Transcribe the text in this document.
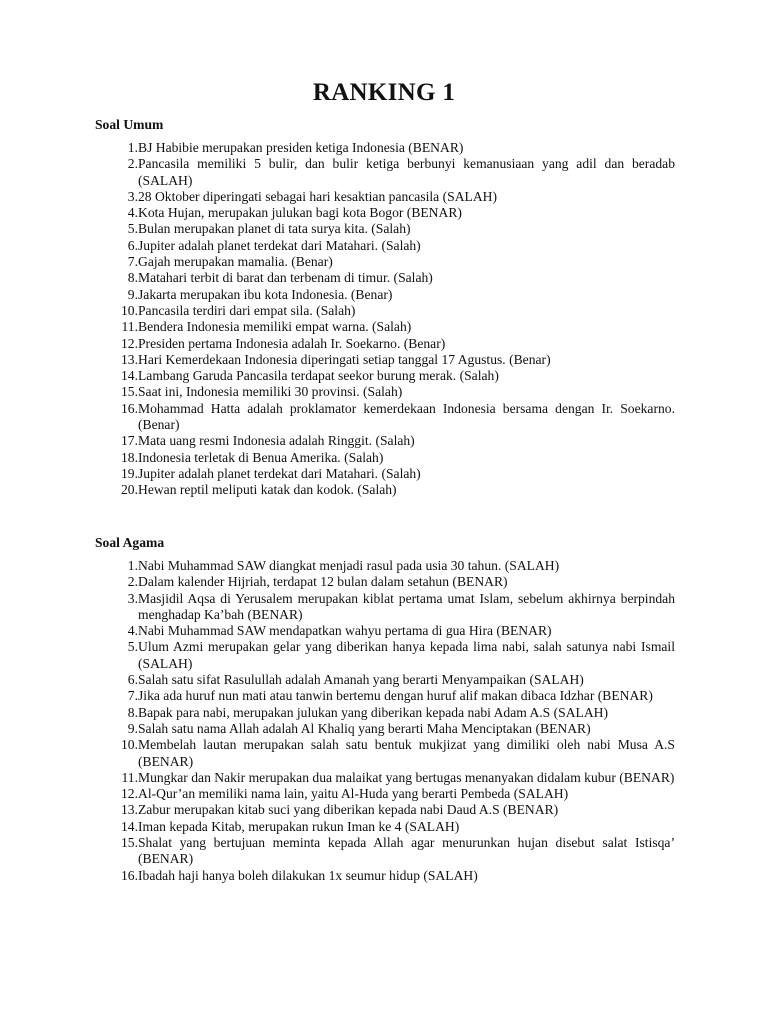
RANKING 1
Soal Umum
1. BJ Habibie merupakan presiden ketiga Indonesia (BENAR)
2. Pancasila memiliki 5 bulir, dan bulir ketiga berbunyi kemanusiaan yang adil dan beradab (SALAH)
3. 28 Oktober diperingati sebagai hari kesaktian pancasila (SALAH)
4. Kota Hujan, merupakan julukan bagi kota Bogor (BENAR)
5. Bulan merupakan planet di tata surya kita. (Salah)
6. Jupiter adalah planet terdekat dari Matahari. (Salah)
7. Gajah merupakan mamalia. (Benar)
8. Matahari terbit di barat dan terbenam di timur. (Salah)
9. Jakarta merupakan ibu kota Indonesia. (Benar)
10. Pancasila terdiri dari empat sila. (Salah)
11. Bendera Indonesia memiliki empat warna. (Salah)
12. Presiden pertama Indonesia adalah Ir. Soekarno. (Benar)
13. Hari Kemerdekaan Indonesia diperingati setiap tanggal 17 Agustus. (Benar)
14. Lambang Garuda Pancasila terdapat seekor burung merak. (Salah)
15. Saat ini, Indonesia memiliki 30 provinsi. (Salah)
16. Mohammad Hatta adalah proklamator kemerdekaan Indonesia bersama dengan Ir. Soekarno. (Benar)
17. Mata uang resmi Indonesia adalah Ringgit. (Salah)
18. Indonesia terletak di Benua Amerika. (Salah)
19. Jupiter adalah planet terdekat dari Matahari. (Salah)
20. Hewan reptil meliputi katak dan kodok. (Salah)
Soal Agama
1. Nabi Muhammad SAW diangkat menjadi rasul pada usia 30 tahun. (SALAH)
2. Dalam kalender Hijriah, terdapat 12 bulan dalam setahun (BENAR)
3. Masjidil Aqsa di Yerusalem merupakan kiblat pertama umat Islam, sebelum akhirnya berpindah menghadap Ka’bah (BENAR)
4. Nabi Muhammad SAW mendapatkan wahyu pertama di gua Hira (BENAR)
5. Ulum Azmi merupakan gelar yang diberikan hanya kepada lima nabi, salah satunya nabi Ismail (SALAH)
6. Salah satu sifat Rasulullah adalah Amanah yang berarti Menyampaikan (SALAH)
7. Jika ada huruf nun mati atau tanwin bertemu dengan huruf alif makan dibaca Idzhar (BENAR)
8. Bapak para nabi, merupakan julukan yang diberikan kepada nabi Adam A.S (SALAH)
9. Salah satu nama Allah adalah Al Khaliq yang berarti Maha Menciptakan (BENAR)
10. Membelah lautan merupakan salah satu bentuk mukjizat yang dimiliki oleh nabi Musa A.S (BENAR)
11. Mungkar dan Nakir merupakan dua malaikat yang bertugas menanyakan didalam kubur (BENAR)
12. Al-Qur’an memiliki nama lain, yaitu Al-Huda yang berarti Pembeda (SALAH)
13. Zabur merupakan kitab suci yang diberikan kepada nabi Daud A.S (BENAR)
14. Iman kepada Kitab, merupakan rukun Iman ke 4 (SALAH)
15. Shalat yang bertujuan meminta kepada Allah agar menurunkan hujan disebut salat Istisqa’ (BENAR)
16. Ibadah haji hanya boleh dilakukan 1x seumur hidup (SALAH)
